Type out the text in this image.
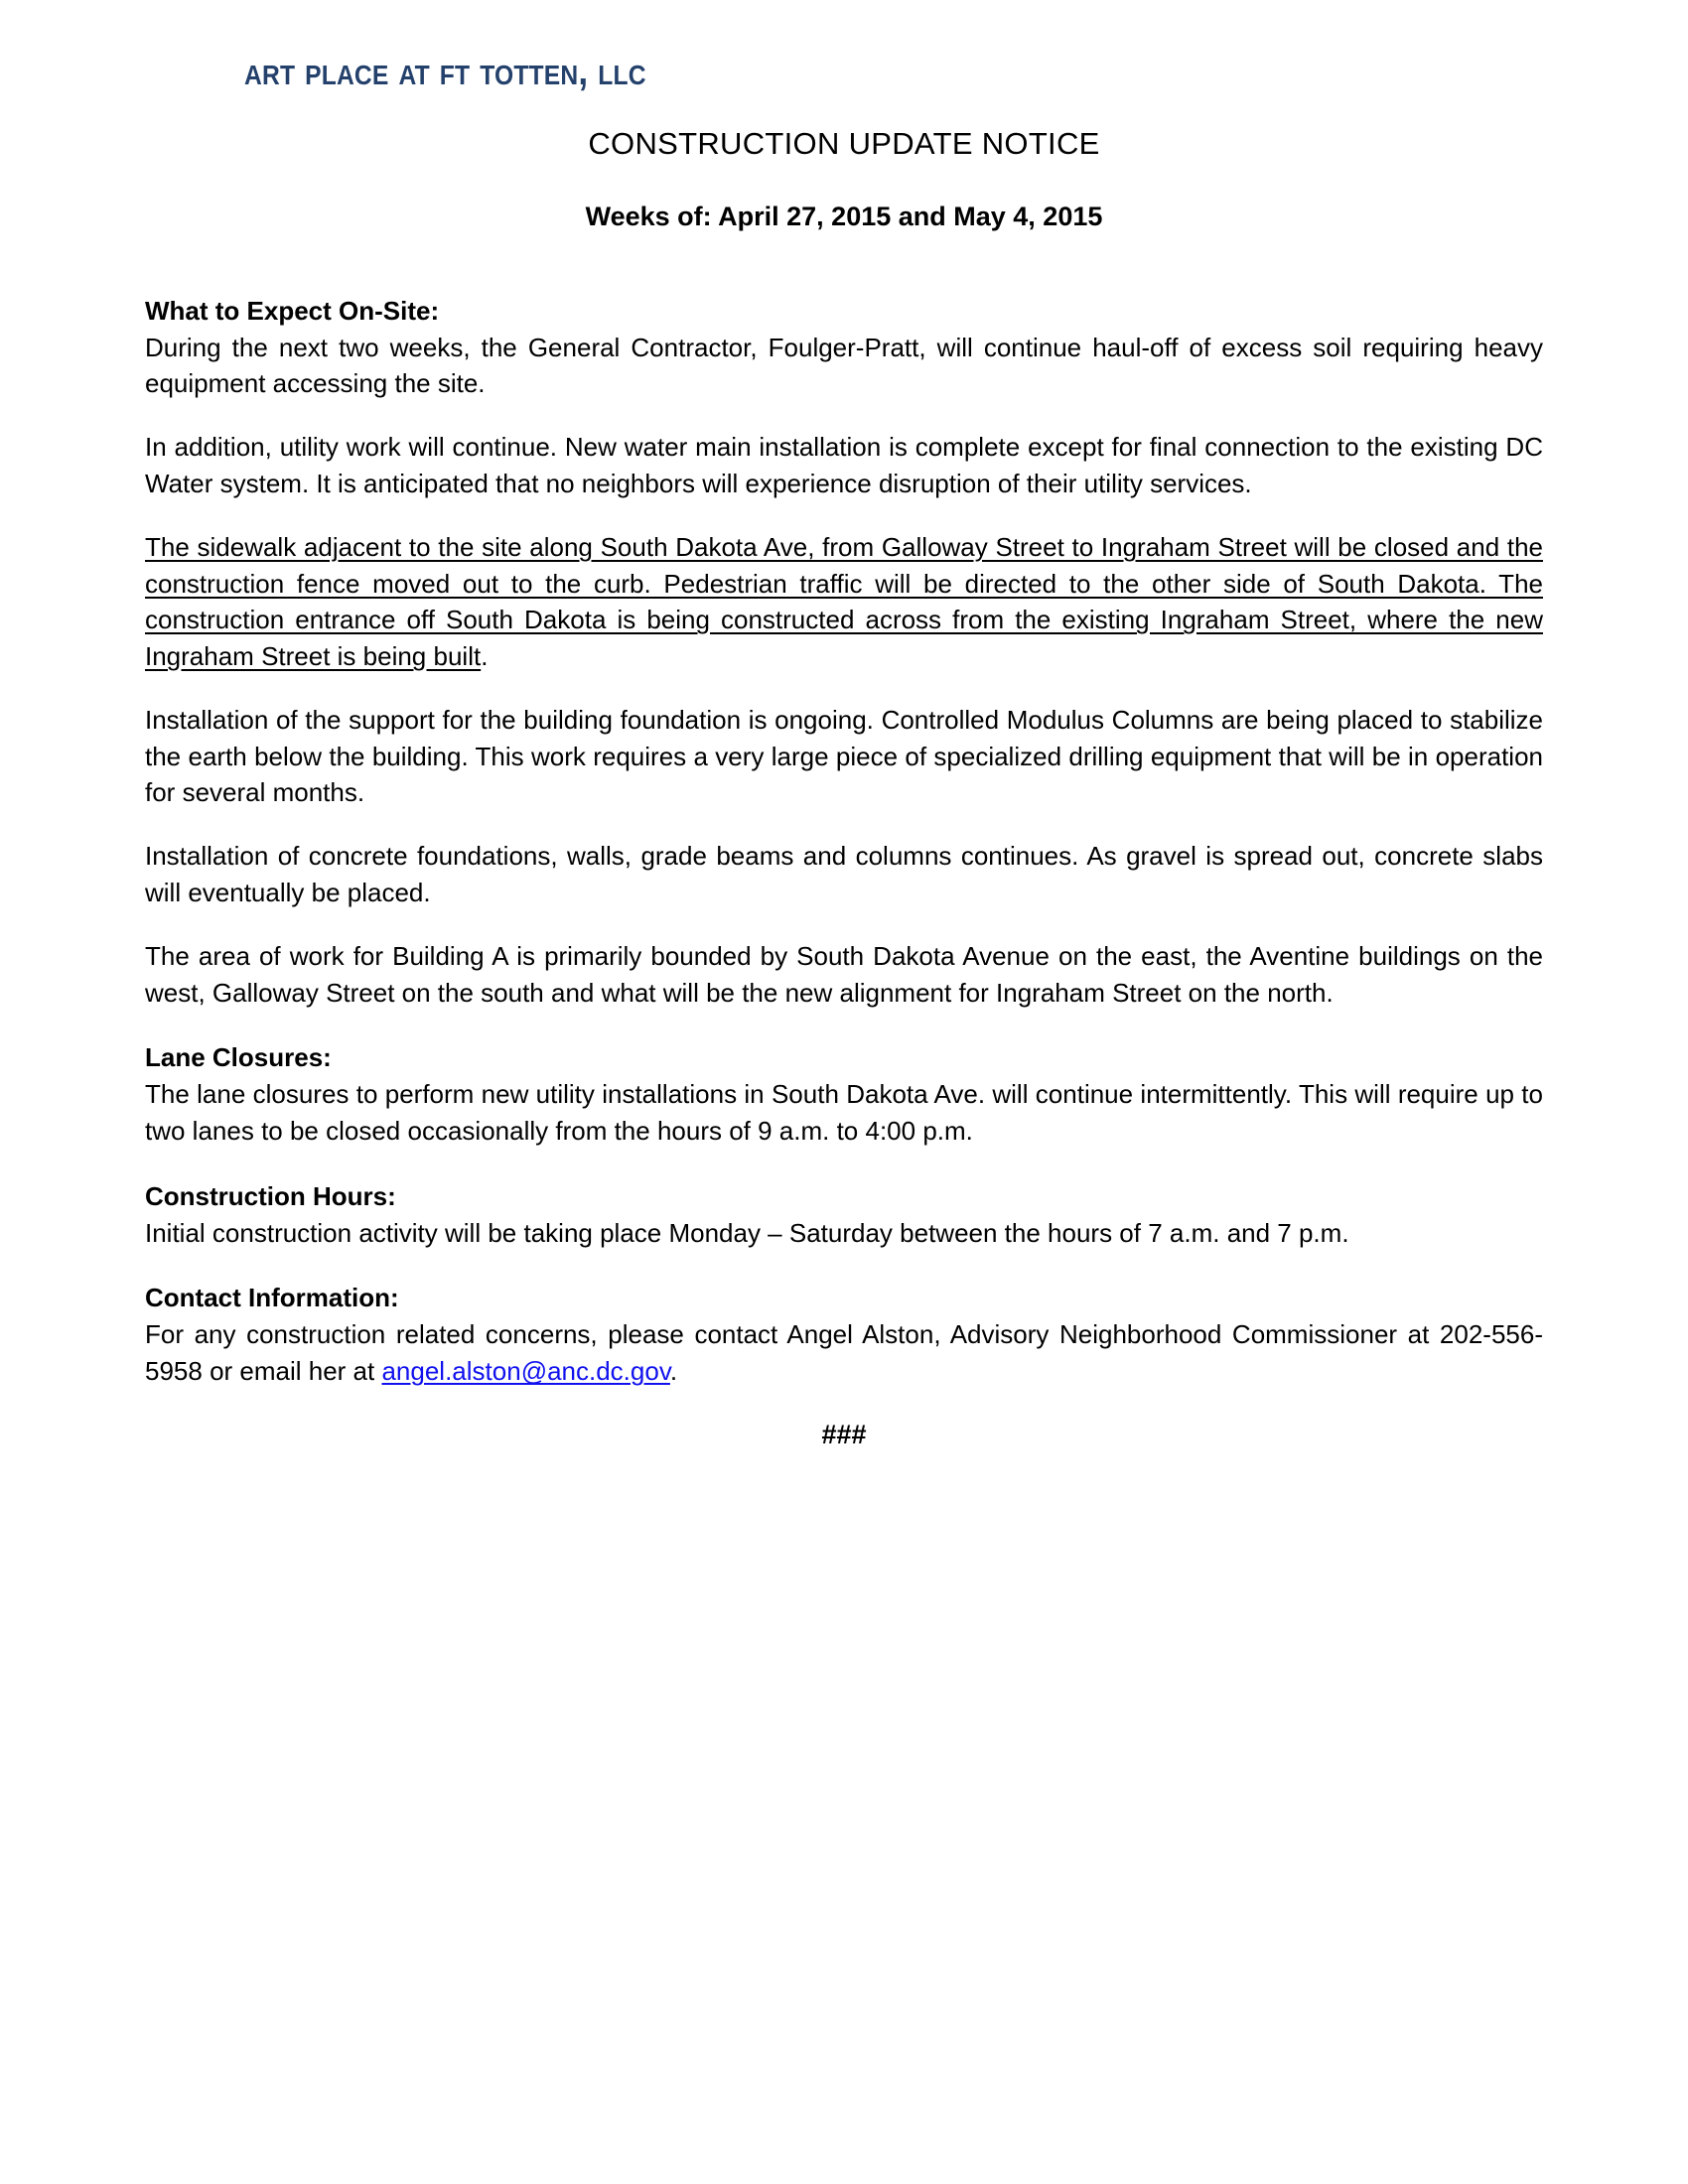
art place at ft totten, llc
CONSTRUCTION UPDATE NOTICE
Weeks of: April 27, 2015 and May 4, 2015
What to Expect On-Site:

During the next two weeks, the General Contractor, Foulger-Pratt, will continue haul-off of excess soil requiring heavy equipment accessing the site.

In addition, utility work will continue. New water main installation is complete except for final connection to the existing DC Water system. It is anticipated that no neighbors will experience disruption of their utility services.

The sidewalk adjacent to the site along South Dakota Ave, from Galloway Street to Ingraham Street will be closed and the construction fence moved out to the curb. Pedestrian traffic will be directed to the other side of South Dakota. The construction entrance off South Dakota is being constructed across from the existing Ingraham Street, where the new Ingraham Street is being built.

Installation of the support for the building foundation is ongoing. Controlled Modulus Columns are being placed to stabilize the earth below the building. This work requires a very large piece of specialized drilling equipment that will be in operation for several months.

Installation of concrete foundations, walls, grade beams and columns continues. As gravel is spread out, concrete slabs will eventually be placed.

The area of work for Building A is primarily bounded by South Dakota Avenue on the east, the Aventine buildings on the west, Galloway Street on the south and what will be the new alignment for Ingraham Street on the north.

Lane Closures:

The lane closures to perform new utility installations in South Dakota Ave. will continue intermittently. This will require up to two lanes to be closed occasionally from the hours of 9 a.m. to 4:00 p.m.

Construction Hours:

Initial construction activity will be taking place Monday – Saturday between the hours of 7 a.m. and 7 p.m.

Contact Information:

For any construction related concerns, please contact Angel Alston, Advisory Neighborhood Commissioner at 202-556-5958 or email her at angel.alston@anc.dc.gov.

###
